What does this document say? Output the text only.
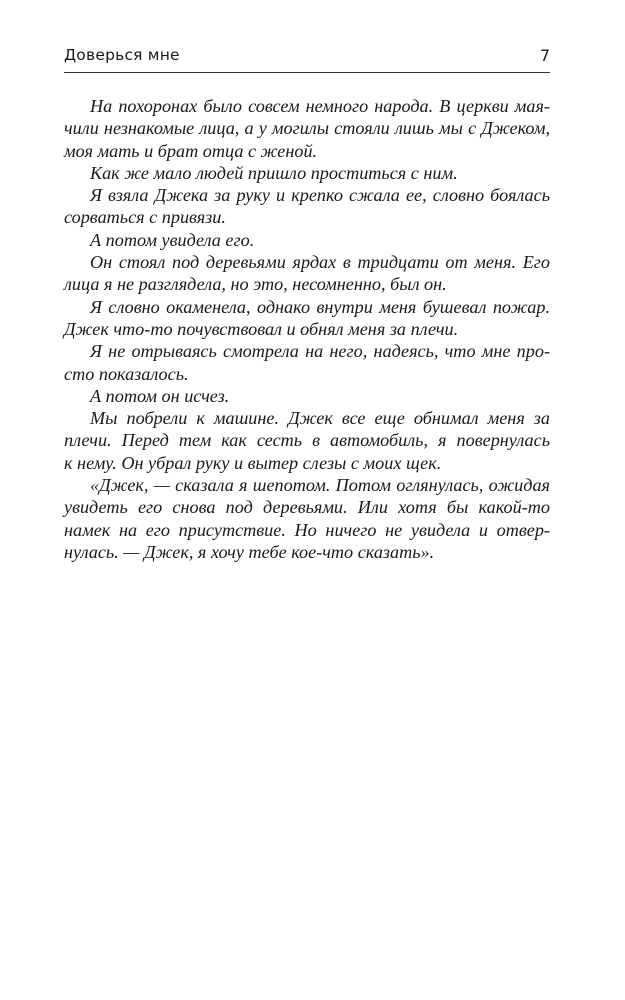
Доверься мне	7
На похоронах было совсем немного народа. В церкви мая-
чили незнакомые лица, а у могилы стояли лишь мы с Джеком,
моя мать и брат отца с женой.
Как же мало людей пришло проститься с ним.
Я взяла Джека за руку и крепко сжала ее, словно боялась
сорваться с привязи.
А потом увидела его.
Он стоял под деревьями ярдах в тридцати от меня. Его
лица я не разглядела, но это, несомненно, был он.
Я словно окаменела, однако внутри меня бушевал пожар.
Джек что-то почувствовал и обнял меня за плечи.
Я не отрываясь смотрела на него, надеясь, что мне про-
сто показалось.
А потом он исчез.
Мы побрели к машине. Джек все еще обнимал меня за
плечи. Перед тем как сесть в автомобиль, я повернулась
к нему. Он убрал руку и вытер слезы с моих щек.
«Джек, — сказала я шепотом. Потом оглянулась, ожидая
увидеть его снова под деревьями. Или хотя бы какой-то
намек на его присутствие. Но ничего не увидела и отвер-
нулась. — Джек, я хочу тебе кое-что сказать».
